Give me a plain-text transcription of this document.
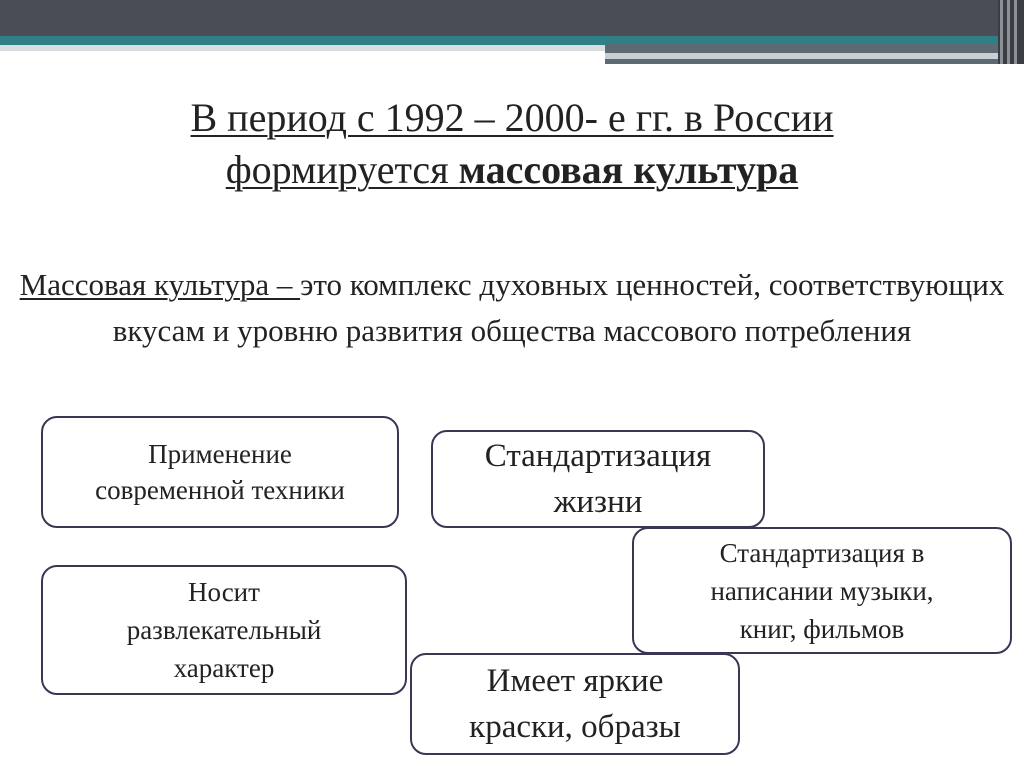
В период с 1992 – 2000- е гг. в России
формируется массовая культура
Массовая культура – это комплекс духовных ценностей, соответствующих вкусам и уровню развития общества массового потребления
Применение
современной техники
Стандартизация
жизни
Стандартизация в
написании музыки,
книг, фильмов
Носит
развлекательный
характер	Имеет яркие
краски, образы
